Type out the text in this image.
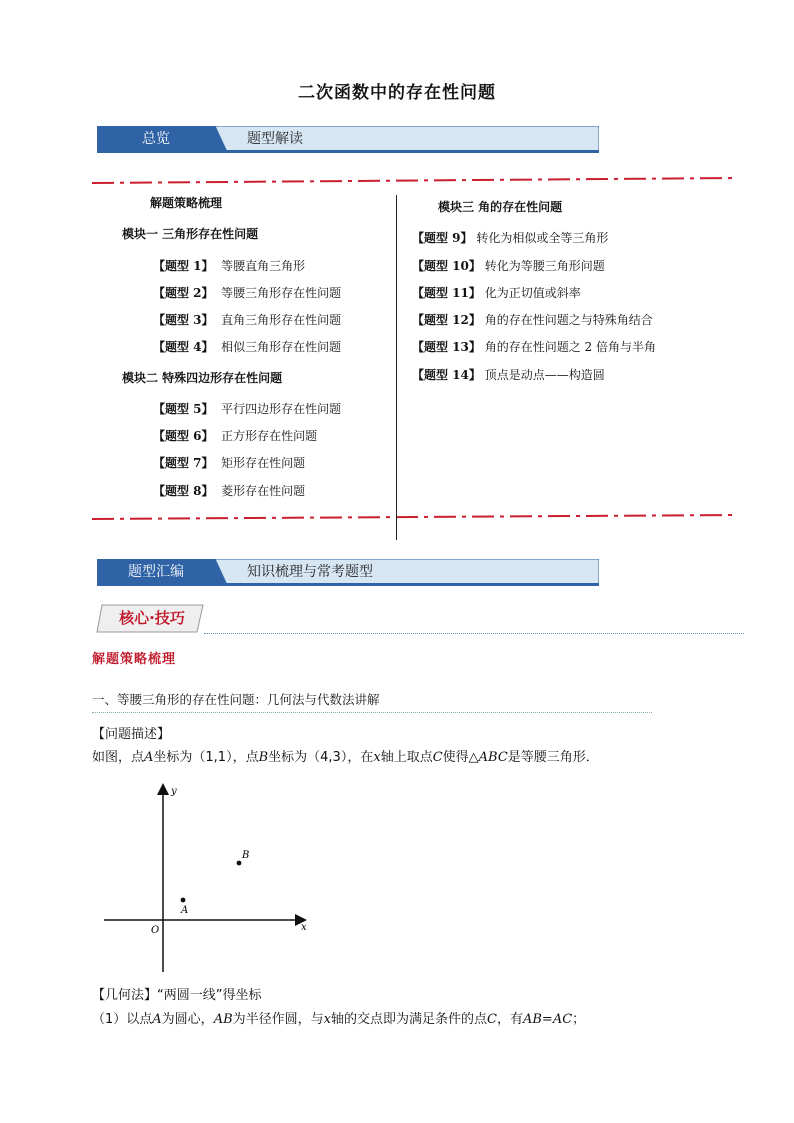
二次函数中的存在性问题
总览	题型解读
解题策略梳理
模块一 三角形存在性问题
【题型 1】 等腰直角三角形
【题型 2】 等腰三角形存在性问题
【题型 3】 直角三角形存在性问题
【题型 4】 相似三角形存在性问题
模块二 特殊四边形存在性问题
【题型 5】 平行四边形存在性问题
【题型 6】 正方形存在性问题
【题型 7】 矩形存在性问题
【题型 8】 菱形存在性问题
模块三 角的存在性问题
【题型 9】 转化为相似或全等三角形
【题型 10】 转化为等腰三角形问题
【题型 11】 化为正切值或斜率
【题型 12】 角的存在性问题之与特殊角结合
【题型 13】 角的存在性问题之 2 倍角与半角
【题型 14】 顶点是动点——构造圆
题型汇编	知识梳理与常考题型
核心·技巧
解题策略梳理
一、等腰三角形的存在性问题：几何法与代数法讲解
【问题描述】
如图，点A坐标为（1,1），点B坐标为（4,3），在x轴上取点C使得△ABC是等腰三角形．
y
x
O
A
B
【几何法】“两圆一线”得坐标
（1）以点A为圆心，AB为半径作圆，与x轴的交点即为满足条件的点C，有AB=AC；
